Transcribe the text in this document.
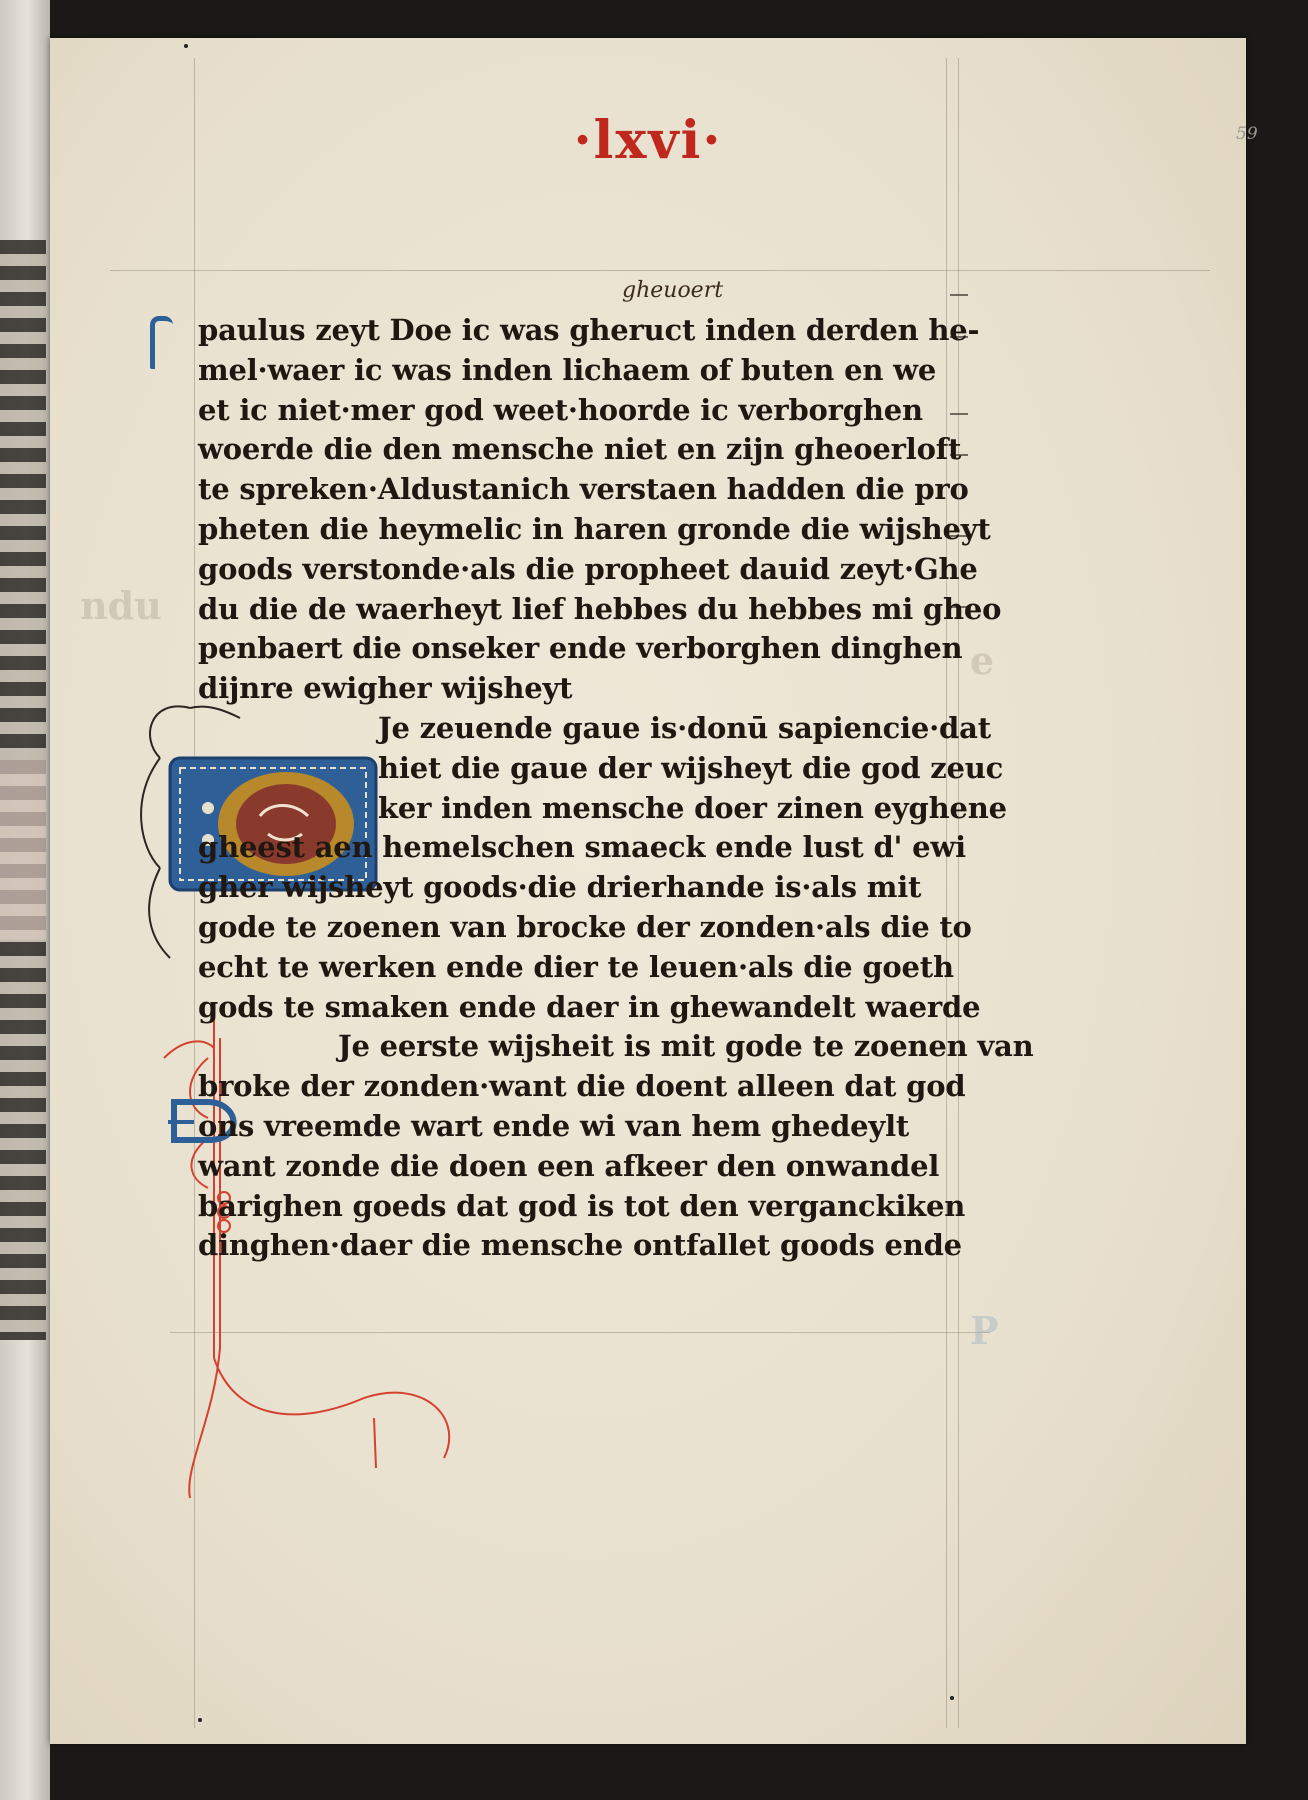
ndu
e
P
59
·lxvi·
gheuoert
paulus zeyt Doe ic was gheruct inden derden he-
mel·waer ic was inden lichaem of buten en we
et ic niet·mer god weet·hoorde ic verborghen
woerde die den mensche niet en zijn gheoerloft
te spreken·Aldustanich verstaen hadden die pro
pheten die heymelic in haren gronde die wijsheyt
goods verstonde·als die propheet dauid zeyt·Ghe
du die de waerheyt lief hebbes du hebbes mi gheo
penbaert die onseker ende verborghen dinghen
dijnre ewigher wijsheyt
Je zeuende gaue is·donū sapiencie·dat
hiet die gaue der wijsheyt die god zeuc
ker inden mensche doer zinen eyghene
gheest aen hemelschen smaeck ende lust d' ewi
gher wijsheyt goods·die drierhande is·als mit
gode te zoenen van brocke der zonden·als die to
echt te werken ende dier te leuen·als die goeth
gods te smaken ende daer in ghewandelt waerde
Je eerste wijsheit is mit gode te zoenen van
broke der zonden·want die doent alleen dat god
ons vreemde wart ende wi van hem ghedeylt
want zonde die doen een afkeer den onwandel
barighen goeds dat god is tot den verganckiken
dinghen·daer die mensche ontfallet goods ende
